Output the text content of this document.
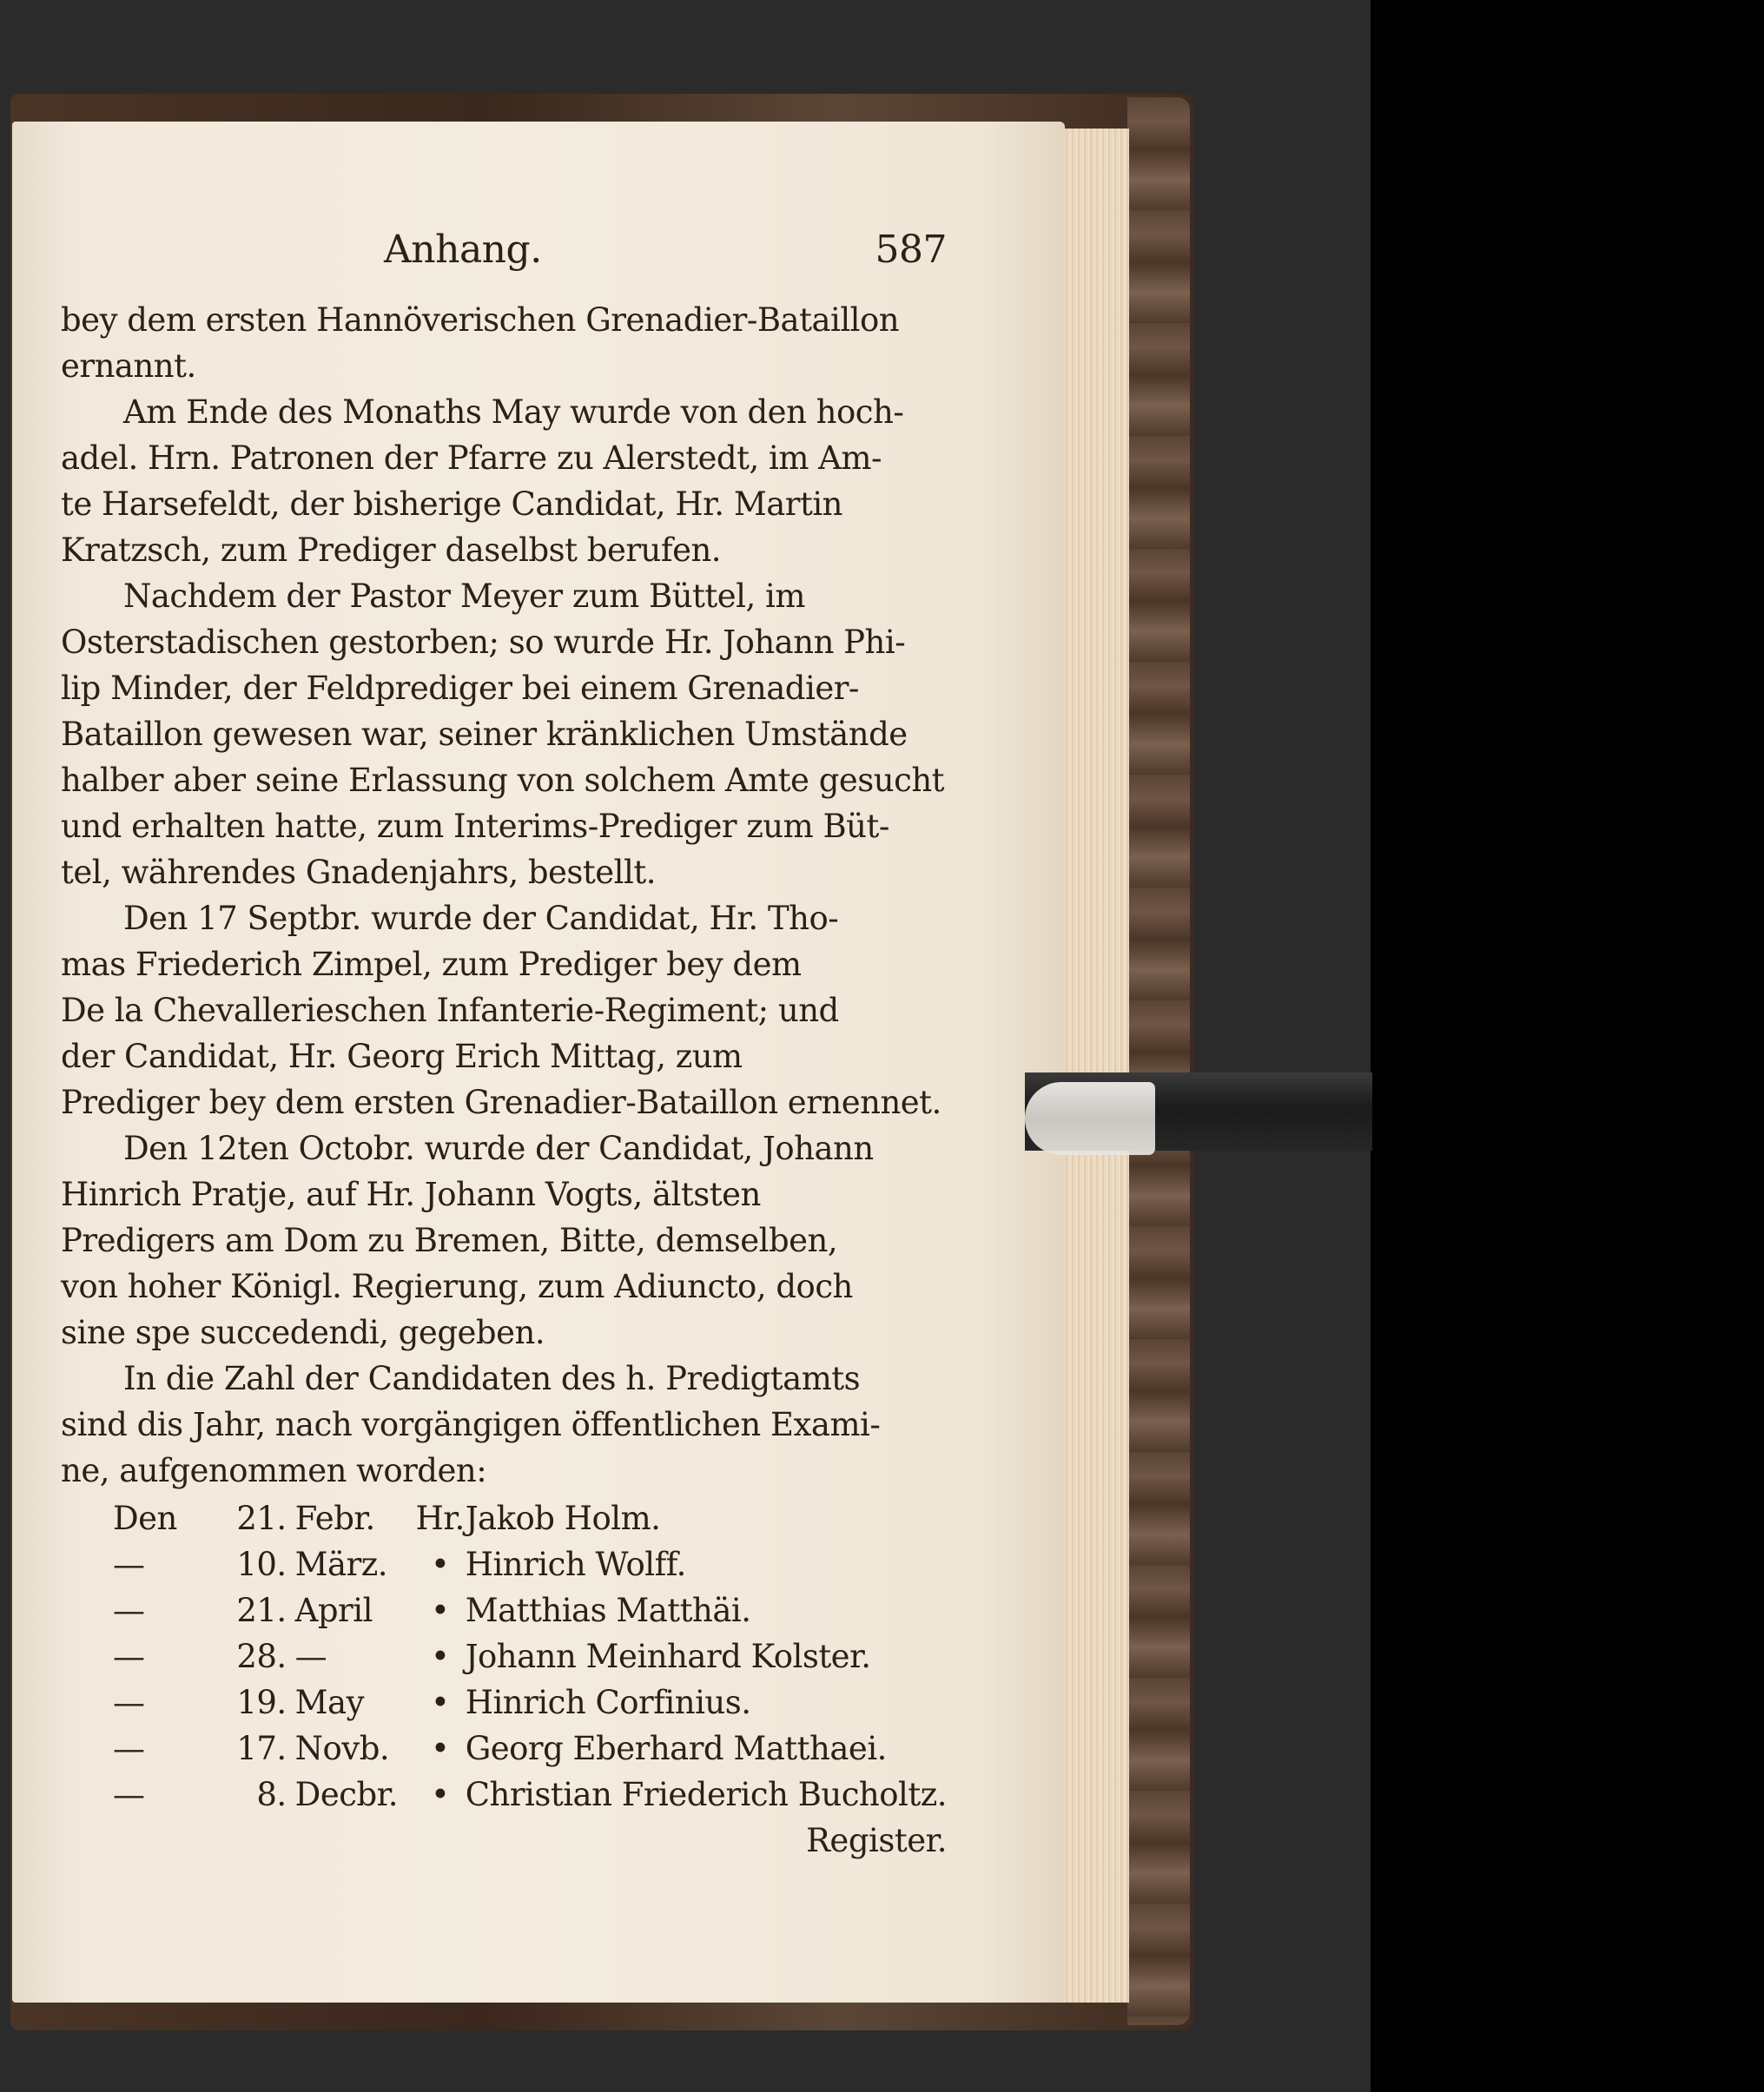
Anhang.	587

bey dem ersten Hannöverischen Grenadier-Bataillon

ernannt.

Am Ende des Monaths May wurde von den hoch-

adel. Hrn. Patronen der Pfarre zu Alerstedt, im Am-

te Harsefeldt, der bisherige Candidat, Hr. Martin

Kratzsch, zum Prediger daselbst berufen.

Nachdem der Pastor Meyer zum Büttel, im

Osterstadischen gestorben; so wurde Hr. Johann Phi-

lip Minder, der Feldprediger bei einem Grenadier-

Bataillon gewesen war, seiner kränklichen Umstände

halber aber seine Erlassung von solchem Amte gesucht

und erhalten hatte, zum Interims-Prediger zum Büt-

tel, währendes Gnadenjahrs, bestellt.

Den 17 Septbr. wurde der Candidat, Hr. Tho-

mas Friederich Zimpel, zum Prediger bey dem

De la Chevallerieschen Infanterie-Regiment; und

der Candidat, Hr. Georg Erich Mittag, zum

Prediger bey dem ersten Grenadier-Bataillon ernennet.

Den 12ten Octobr. wurde der Candidat, Johann

Hinrich Pratje, auf Hr. Johann Vogts, ältsten

Predigers am Dom zu Bremen, Bitte, demselben,

von hoher Königl. Regierung, zum Adiuncto, doch

sine spe succedendi, gegeben.

In die Zahl der Candidaten des h. Predigtamts

sind dis Jahr, nach vorgängigen öffentlichen Exami-

ne, aufgenommen worden:

Den	21.	Febr.	Hr.	Jakob Holm.
—	10.	März.	•	Hinrich Wolff.
—	21.	April	•	Matthias Matthäi.
—	28.	—	•	Johann Meinhard Kolster.
—	19.	May	•	Hinrich Corfinius.
—	17.	Novb.	•	Georg Eberhard Matthaei.
—	8.	Decbr.	•	Christian Friederich Bucholtz.
Register.
